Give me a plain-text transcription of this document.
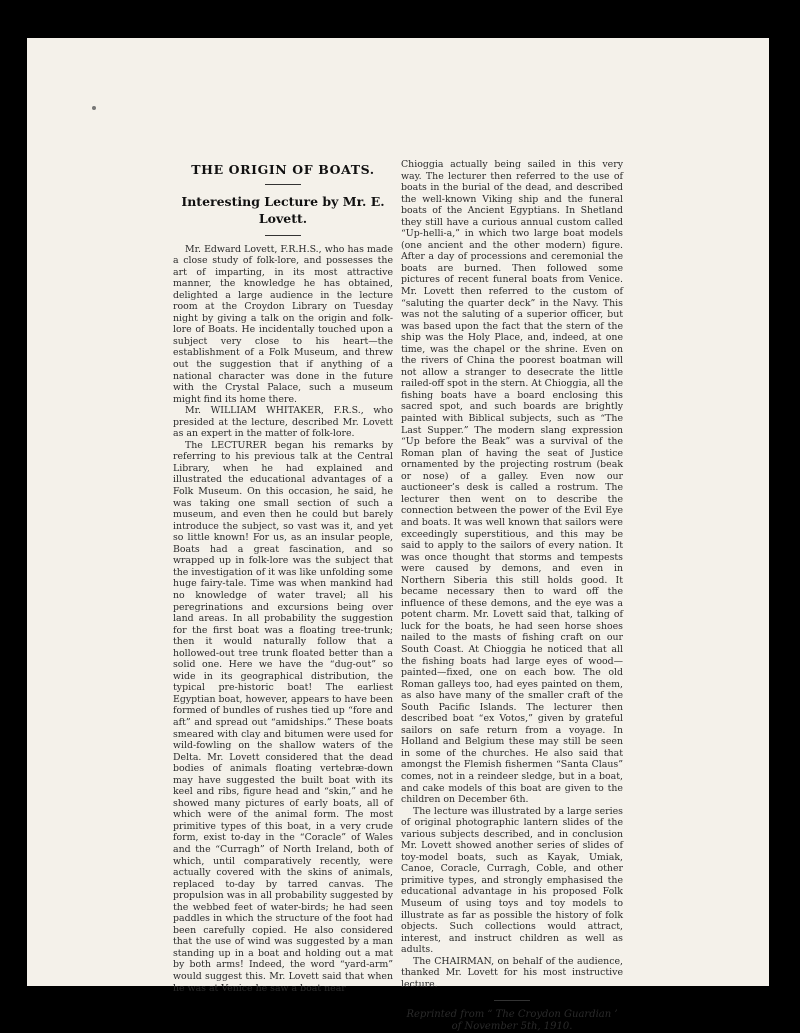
THE ORIGIN OF BOATS.
Interesting Lecture by Mr. E. Lovett.

Mr. Edward Lovett, F.R.H.S., who has made a close study of folk-lore, and possesses the art of imparting, in its most attractive manner, the knowledge he has obtained, delighted a large audience in the lecture room at the Croydon Library on Tuesday night by giving a talk on the origin and folk-lore of Boats. He incidentally touched upon a subject very close to his heart—the establishment of a Folk Museum, and threw out the suggestion that if anything of a national character was done in the future with the Crystal Palace, such a museum might find its home there.

Mr. WILLIAM WHITAKER, F.R.S., who presided at the lecture, described Mr. Lovett as an expert in the matter of folk-lore.

The LECTURER began his remarks by referring to his previous talk at the Central Library, when he had explained and illustrated the educational advantages of a Folk Museum. On this occasion, he said, he was taking one small section of such a museum, and even then he could but barely introduce the subject, so vast was it, and yet so little known! For us, as an insular people, Boats had a great fascination, and so wrapped up in folk-lore was the subject that the investigation of it was like unfolding some huge fairy-tale. Time was when mankind had no knowledge of water travel; all his peregrinations and excursions being over land areas. In all probability the suggestion for the first boat was a floating tree-trunk; then it would naturally follow that a hollowed-out tree trunk floated better than a solid one. Here we have the “dug-out” so wide in its geographical distribution, the typical pre-historic boat! The earliest Egyptian boat, however, appears to have been formed of bundles of rushes tied up “fore and aft” and spread out “amidships.” These boats smeared with clay and bitumen were used for wild-fowling on the shallow waters of the Delta. Mr. Lovett considered that the dead bodies of animals floating vertebræ-down may have suggested the built boat with its keel and ribs, figure head and “skin,” and he showed many pictures of early boats, all of which were of the animal form. The most primitive types of this boat, in a very crude form, exist to-day in the “Coracle” of Wales and the “Curragh” of North Ireland, both of which, until comparatively recently, were actually covered with the skins of animals, replaced to-day by tarred canvas. The propulsion was in all probability suggested by the webbed feet of water-birds; he had seen paddles in which the structure of the foot had been carefully copied. He also considered that the use of wind was suggested by a man standing up in a boat and holding out a mat by both arms! Indeed, the word “yard-arm” would suggest this. Mr. Lovett said that when he was at Venice he saw a boat near

Chioggia actually being sailed in this very way. The lecturer then referred to the use of boats in the burial of the dead, and described the well-known Viking ship and the funeral boats of the Ancient Egyptians. In Shetland they still have a curious annual custom called “Up-helli-a,” in which two large boat models (one ancient and the other modern) figure. After a day of processions and ceremonial the boats are burned. Then followed some pictures of recent funeral boats from Venice. Mr. Lovett then referred to the custom of “saluting the quarter deck” in the Navy. This was not the saluting of a superior officer, but was based upon the fact that the stern of the ship was the Holy Place, and, indeed, at one time, was the chapel or the shrine. Even on the rivers of China the poorest boatman will not allow a stranger to desecrate the little railed-off spot in the stern. At Chioggia, all the fishing boats have a board enclosing this sacred spot, and such boards are brightly painted with Biblical subjects, such as “The Last Supper.” The modern slang expression “Up before the Beak” was a survival of the Roman plan of having the seat of Justice ornamented by the projecting rostrum (beak or nose) of a galley. Even now our auctioneer’s desk is called a rostrum. The lecturer then went on to describe the connection between the power of the Evil Eye and boats. It was well known that sailors were exceedingly superstitious, and this may be said to apply to the sailors of every nation. It was once thought that storms and tempests were caused by demons, and even in Northern Siberia this still holds good. It became necessary then to ward off the influence of these demons, and the eye was a potent charm. Mr. Lovett said that, talking of luck for the boats, he had seen horse shoes nailed to the masts of fishing craft on our South Coast. At Chioggia he noticed that all the fishing boats had large eyes of wood—painted—fixed, one on each bow. The old Roman galleys too, had eyes painted on them, as also have many of the smaller craft of the South Pacific Islands. The lecturer then described boat “ex Votos,” given by grateful sailors on safe return from a voyage. In Holland and Belgium these may still be seen in some of the churches. He also said that amongst the Flemish fishermen “Santa Claus” comes, not in a reindeer sledge, but in a boat, and cake models of this boat are given to the children on December 6th.

The lecture was illustrated by a large series of original photographic lantern slides of the various subjects described, and in conclusion Mr. Lovett showed another series of slides of toy-model boats, such as Kayak, Umiak, Canoe, Coracle, Curragh, Coble, and other primitive types, and strongly emphasised the educational advantage in his proposed Folk Museum of using toys and toy models to illustrate as far as possible the history of folk objects. Such collections would attract, interest, and instruct children as well as adults.

The CHAIRMAN, on behalf of the audience, thanked Mr. Lovett for his most instructive lecture.

Reprinted from “ The Croydon Guardian ’
of November 5th, 1910.
